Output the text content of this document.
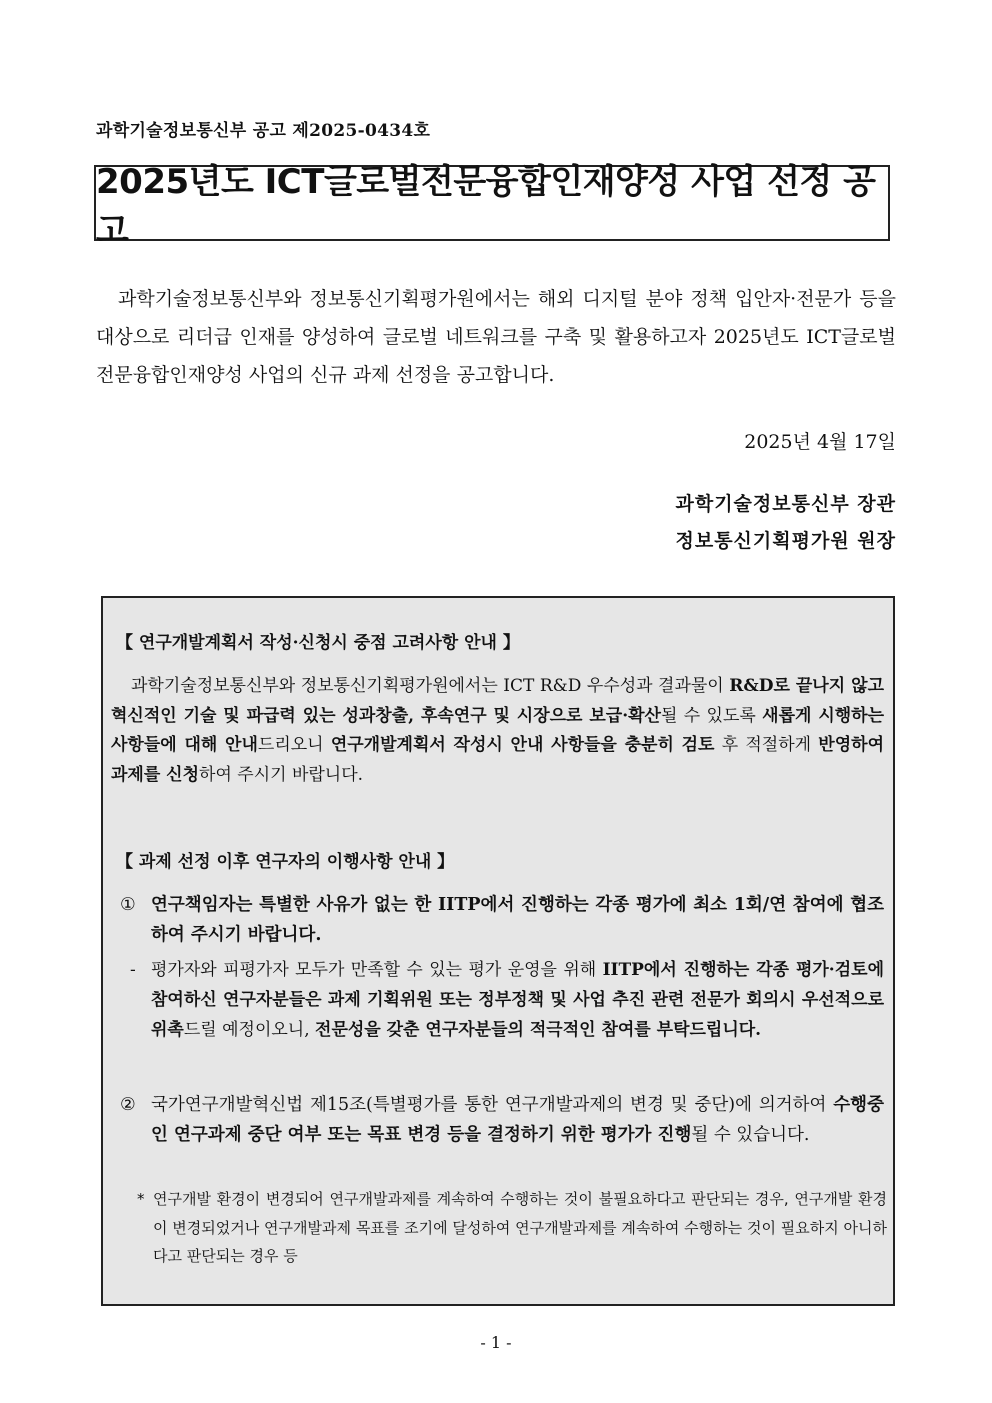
과학기술정보통신부 공고 제2025-0434호
2025년도 ICT글로벌전문융합인재양성 사업 선정 공고
과학기술정보통신부와 정보통신기획평가원에서는 해외 디지털 분야 정책 입안자·전문가 등을 대상으로 리더급 인재를 양성하여 글로벌 네트워크를 구축 및 활용하고자 2025년도 ICT글로벌전문융합인재양성 사업의 신규 과제 선정을 공고합니다.
2025년 4월 17일
과학기술정보통신부 장관
정보통신기획평가원 원장
【 연구개발계획서 작성·신청시 중점 고려사항 안내 】
과학기술정보통신부와 정보통신기획평가원에서는 ICT R&D 우수성과 결과물이 R&D로 끝나지 않고 혁신적인 기술 및 파급력 있는 성과창출, 후속연구 및 시장으로 보급·확산될 수 있도록 새롭게 시행하는 사항들에 대해 안내드리오니 연구개발계획서 작성시 안내 사항들을 충분히 검토 후 적절하게 반영하여 과제를 신청하여 주시기 바랍니다.
【 과제 선정 이후 연구자의 이행사항 안내 】
① 연구책임자는 특별한 사유가 없는 한 IITP에서 진행하는 각종 평가에 최소 1회/연 참여에 협조하여 주시기 바랍니다.
- 평가자와 피평가자 모두가 만족할 수 있는 평가 운영을 위해 IITP에서 진행하는 각종 평가·검토에 참여하신 연구자분들은 과제 기획위원 또는 정부정책 및 사업 추진 관련 전문가 회의시 우선적으로 위촉드릴 예정이오니, 전문성을 갖춘 연구자분들의 적극적인 참여를 부탁드립니다.
② 국가연구개발혁신법 제15조(특별평가를 통한 연구개발과제의 변경 및 중단)에 의거하여 수행중인 연구과제 중단 여부 또는 목표 변경 등을 결정하기 위한 평가가 진행될 수 있습니다.
* 연구개발 환경이 변경되어 연구개발과제를 계속하여 수행하는 것이 불필요하다고 판단되는 경우, 연구개발 환경이 변경되었거나 연구개발과제 목표를 조기에 달성하여 연구개발과제를 계속하여 수행하는 것이 필요하지 아니하다고 판단되는 경우 등
- 1 -
